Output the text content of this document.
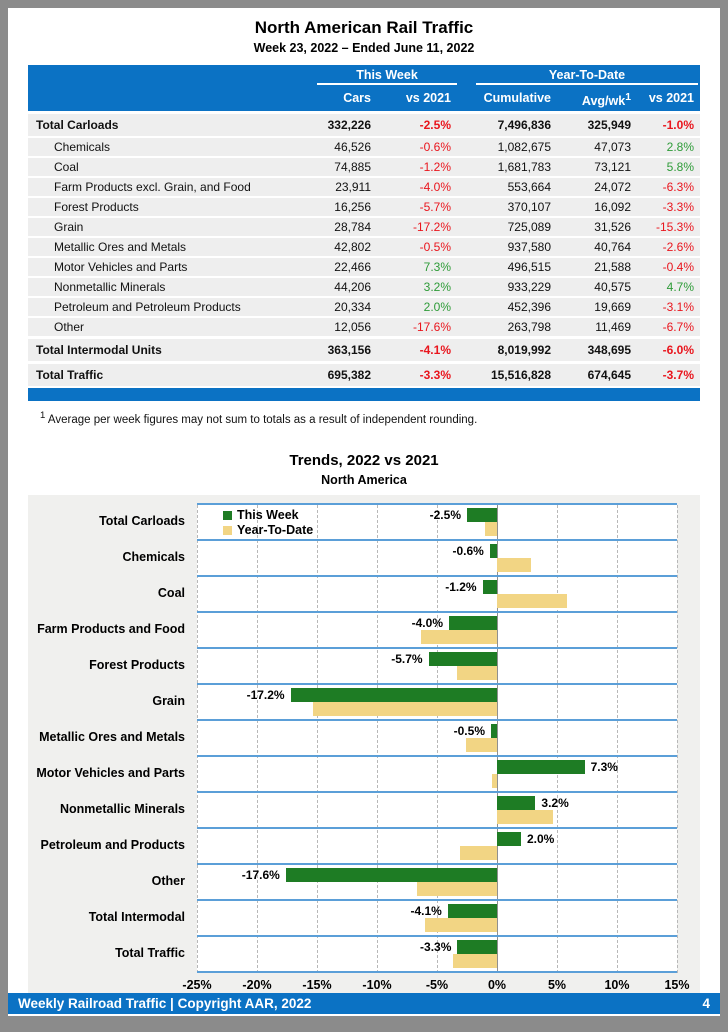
North American Rail Traffic
Week 23, 2022 – Ended June 11, 2022
This Week	Year-To-Date
Cars	vs 2021	Cumulative	Avg/$wk^1$	vs 2021
Total Carloads	332,226	-2.5%	7,496,836	325,949	-1.0%
Chemicals	46,526	-0.6%	1,082,675	47,073	2.8%
Coal	74,885	-1.2%	1,681,783	73,121	5.8%
Farm Products excl. Grain, and Food	23,911	-4.0%	553,664	24,072	-6.3%
Forest Products	16,256	-5.7%	370,107	16,092	-3.3%
Grain	28,784	-17.2%	725,089	31,526	-15.3%
Metallic Ores and Metals	42,802	-0.5%	937,580	40,764	-2.6%
Motor Vehicles and Parts	22,466	7.3%	496,515	21,588	-0.4%
Nonmetallic Minerals	44,206	3.2%	933,229	40,575	4.7%
Petroleum and Petroleum Products	20,334	2.0%	452,396	19,669	-3.1%
Other	12,056	-17.6%	263,798	11,469	-6.7%
Total Intermodal Units	363,156	-4.1%	8,019,992	348,695	-6.0%
Total Traffic	695,382	-3.3%	15,516,828	674,645	-3.7%
$^1$ Average per week figures may not sum to totals as a result of independent rounding.
Trends, 2022 vs 2021
North America
Total Carloads
Chemicals
Coal
Farm Products and Food
Forest Products
Grain
Metallic Ores and Metals
Motor Vehicles and Parts
Nonmetallic Minerals
Petroleum and Products
Other
Total Intermodal
Total Traffic
This Week
Year-To-Date
-2.5%
-0.6%
-1.2%
-4.0%
-5.7%
-17.2%
-0.5%
7.3%
3.2%
2.0%
-17.6%
-4.1%
-3.3%
-25% -20% -15% -10%	-5%	0%	5%	10%	15%
Weekly Railroad Traffic | Copyright AAR, 2022	4
